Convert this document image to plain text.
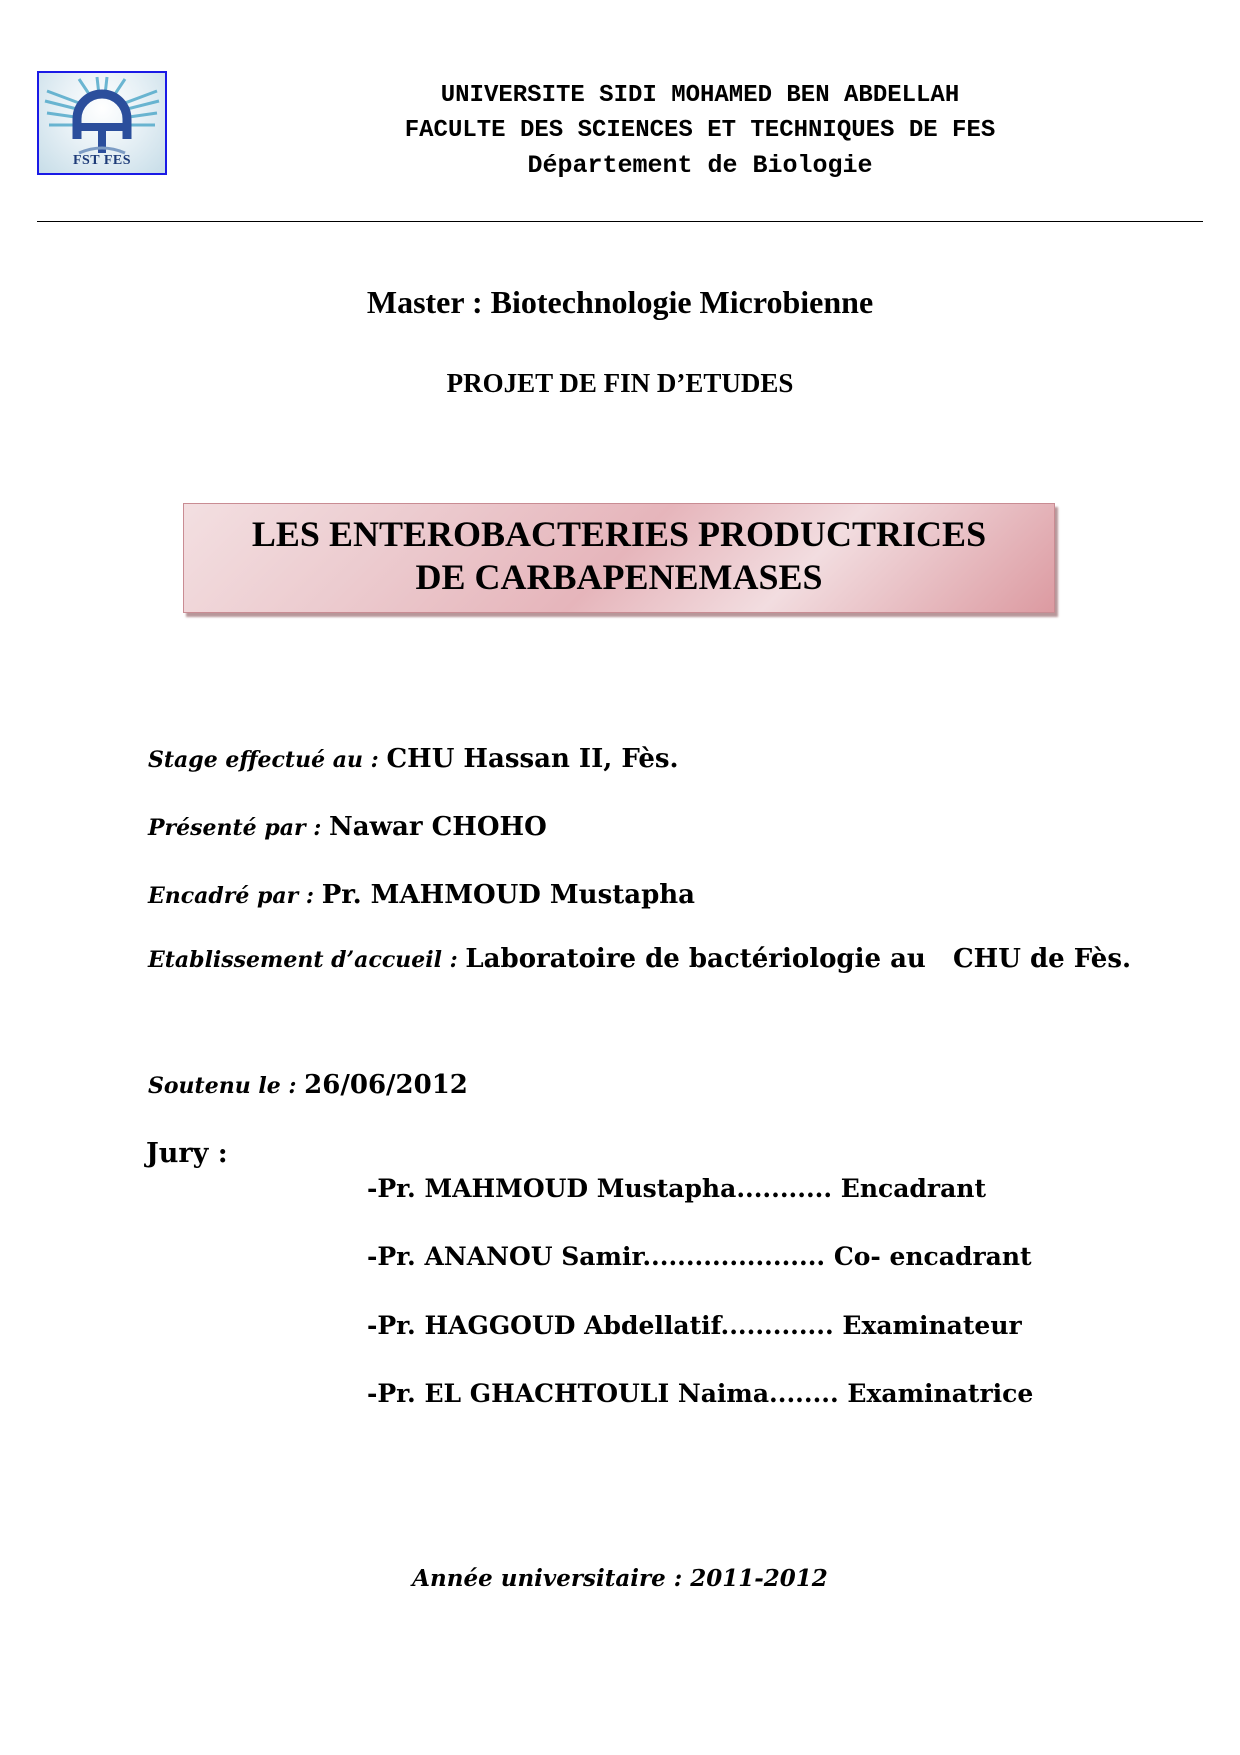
FST FES
UNIVERSITE SIDI MOHAMED BEN ABDELLAH
FACULTE DES SCIENCES ET TECHNIQUES DE FES
Département de Biologie
Master : Biotechnologie Microbienne
PROJET DE FIN D’ETUDES
LES ENTEROBACTERIES PRODUCTRICES
DE CARBAPENEMASES
Stage effectué au : CHU Hassan II, Fès.
Présenté par : Nawar CHOHO
Encadré par : Pr. MAHMOUD Mustapha
Etablissement d’accueil : Laboratoire de bactériologie au   CHU de Fès.
Soutenu le : 26/06/2012
Jury :
-Pr. MAHMOUD Mustapha........... Encadrant
-Pr. ANANOU Samir..................... Co- encadrant
-Pr. HAGGOUD Abdellatif............. Examinateur
-Pr. EL GHACHTOULI Naima........ Examinatrice
Année universitaire : 2011-2012
